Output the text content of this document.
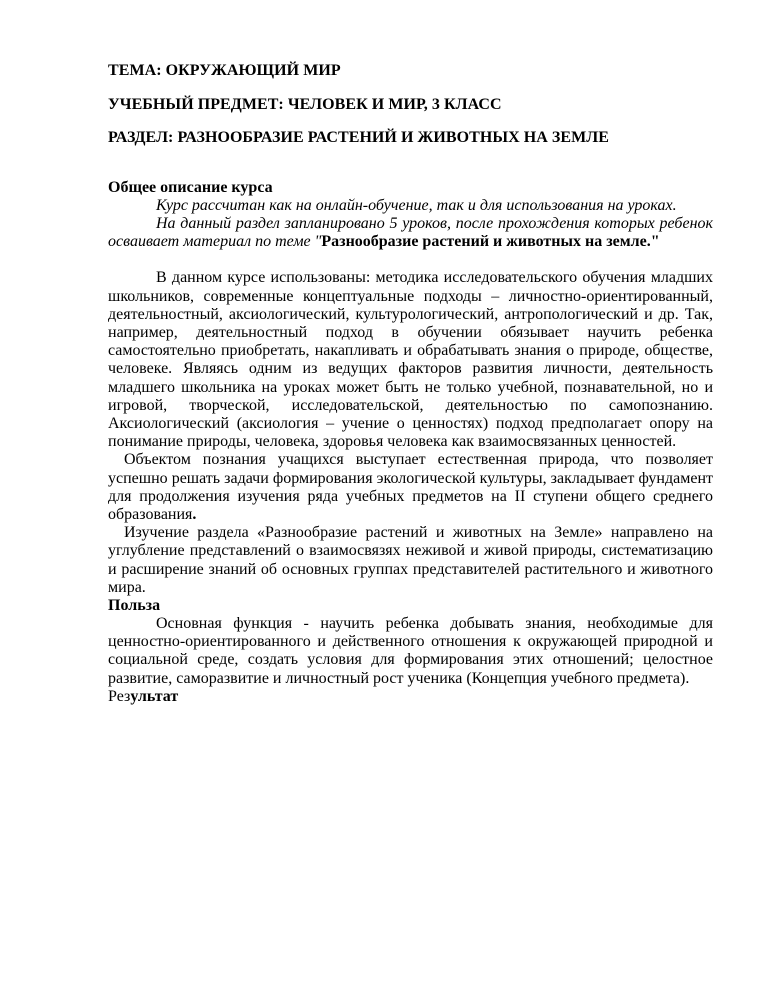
ТЕМА: ОКРУЖАЮЩИЙ МИР

УЧЕБНЫЙ ПРЕДМЕТ: ЧЕЛОВЕК И МИР, 3 КЛАСС

РАЗДЕЛ: РАЗНООБРАЗИЕ РАСТЕНИЙ И ЖИВОТНЫХ НА ЗЕМЛЕ

Общее описание курса

Курс рассчитан как на онлайн-обучение, так и для использования на уроках.

На данный раздел запланировано 5 уроков, после прохождения которых ребенок осваивает материал по теме "Разнообразие растений и животных на земле."

В данном курсе использованы: методика исследовательского обучения младших школьников, современные концептуальные подходы – личностно-ориентированный, деятельностный, аксиологический, культурологический, антропологический и др. Так, например, деятельностный подход в обучении обязывает научить ребенка самостоятельно приобретать, накапливать и обрабатывать знания о природе, обществе, человеке. Являясь одним из ведущих факторов развития личности, деятельность младшего школьника на уроках может быть не только учебной, познавательной, но и игровой, творческой, исследовательской, деятельностью по самопознанию. Аксиологический (аксиология – учение о ценностях) подход предполагает опору на понимание природы, человека, здоровья человека как взаимосвязанных ценностей.

Объектом познания учащихся выступает естественная природа, что позволяет успешно решать задачи формирования экологической культуры, закладывает фундамент для продолжения изучения ряда учебных предметов на II ступени общего среднего образования.

Изучение раздела «Разнообразие растений и животных на Земле» направлено на углубление представлений о взаимосвязях неживой и живой природы, систематизацию и расширение знаний об основных группах представителей растительного и животного мира.

Польза

Основная функция - научить ребенка добывать знания, необходимые для ценностно-ориентированного и действенного отношения к окружающей природной и социальной среде, создать условия для формирования этих отношений; целостное развитие, саморазвитие и личностный рост ученика (Концепция учебного предмета).

Результат
